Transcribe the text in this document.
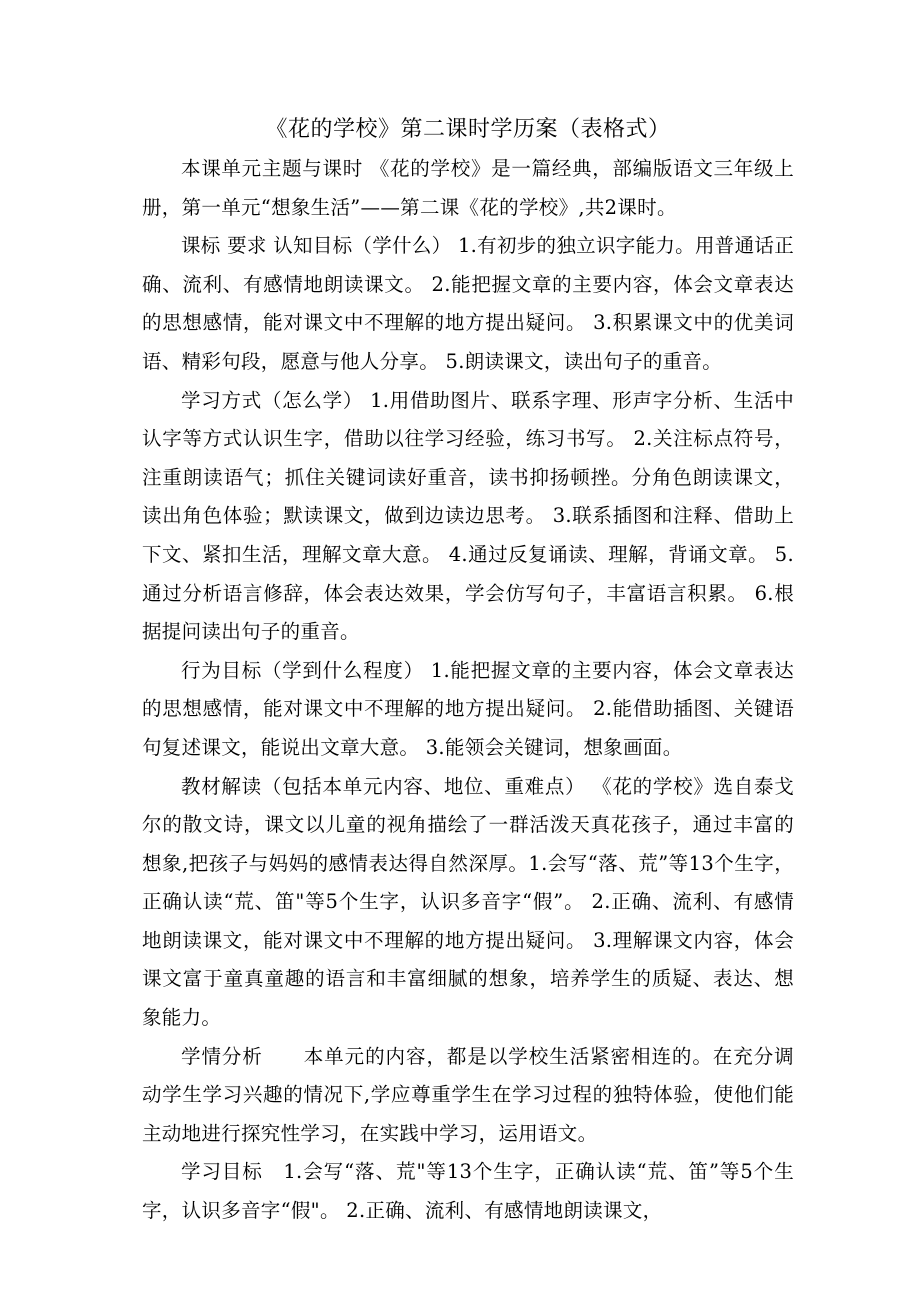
《花的学校》第二课时学历案（表格式）

本课单元主题与课时 《花的学校》是一篇经典，部编版语文三年级上册，第一单元“想象生活”——第二课《花的学校》,共2课时。

课标 要求 认知目标（学什么） 1.有初步的独立识字能力。用普通话正确、流利、有感情地朗读课文。 2.能把握文章的主要内容，体会文章表达的思想感情，能对课文中不理解的地方提出疑问。 3.积累课文中的优美词语、精彩句段，愿意与他人分享。 5.朗读课文，读出句子的重音。

学习方式（怎么学） 1.用借助图片、联系字理、形声字分析、生活中认字等方式认识生字，借助以往学习经验，练习书写。 2.关注标点符号，注重朗读语气；抓住关键词读好重音，读书抑扬顿挫。分角色朗读课文，读出角色体验；默读课文，做到边读边思考。 3.联系插图和注释、借助上下文、紧扣生活，理解文章大意。 4.通过反复诵读、理解，背诵文章。 5.通过分析语言修辞，体会表达效果，学会仿写句子，丰富语言积累。 6.根据提问读出句子的重音。

行为目标（学到什么程度） 1.能把握文章的主要内容，体会文章表达的思想感情，能对课文中不理解的地方提出疑问。 2.能借助插图、关键语句复述课文，能说出文章大意。 3.能领会关键词，想象画面。

教材解读（包括本单元内容、地位、重难点） 《花的学校》选自泰戈尔的散文诗，课文以儿童的视角描绘了一群活泼天真花孩子，通过丰富的想象,把孩子与妈妈的感情表达得自然深厚。1.会写“落、荒”等13个生字，正确认读“荒、笛"等5个生字，认识多音字“假”。 2.正确、流利、有感情地朗读课文，能对课文中不理解的地方提出疑问。 3.理解课文内容，体会课文富于童真童趣的语言和丰富细腻的想象，培养学生的质疑、表达、想象能力。

学情分析　　本单元的内容，都是以学校生活紧密相连的。在充分调动学生学习兴趣的情况下,学应尊重学生在学习过程的独特体验，使他们能主动地进行探究性学习，在实践中学习，运用语文。

学习目标　1.会写“落、荒"等13个生字，正确认读“荒、笛”等5个生字，认识多音字“假"。 2.正确、流利、有感情地朗读课文，
